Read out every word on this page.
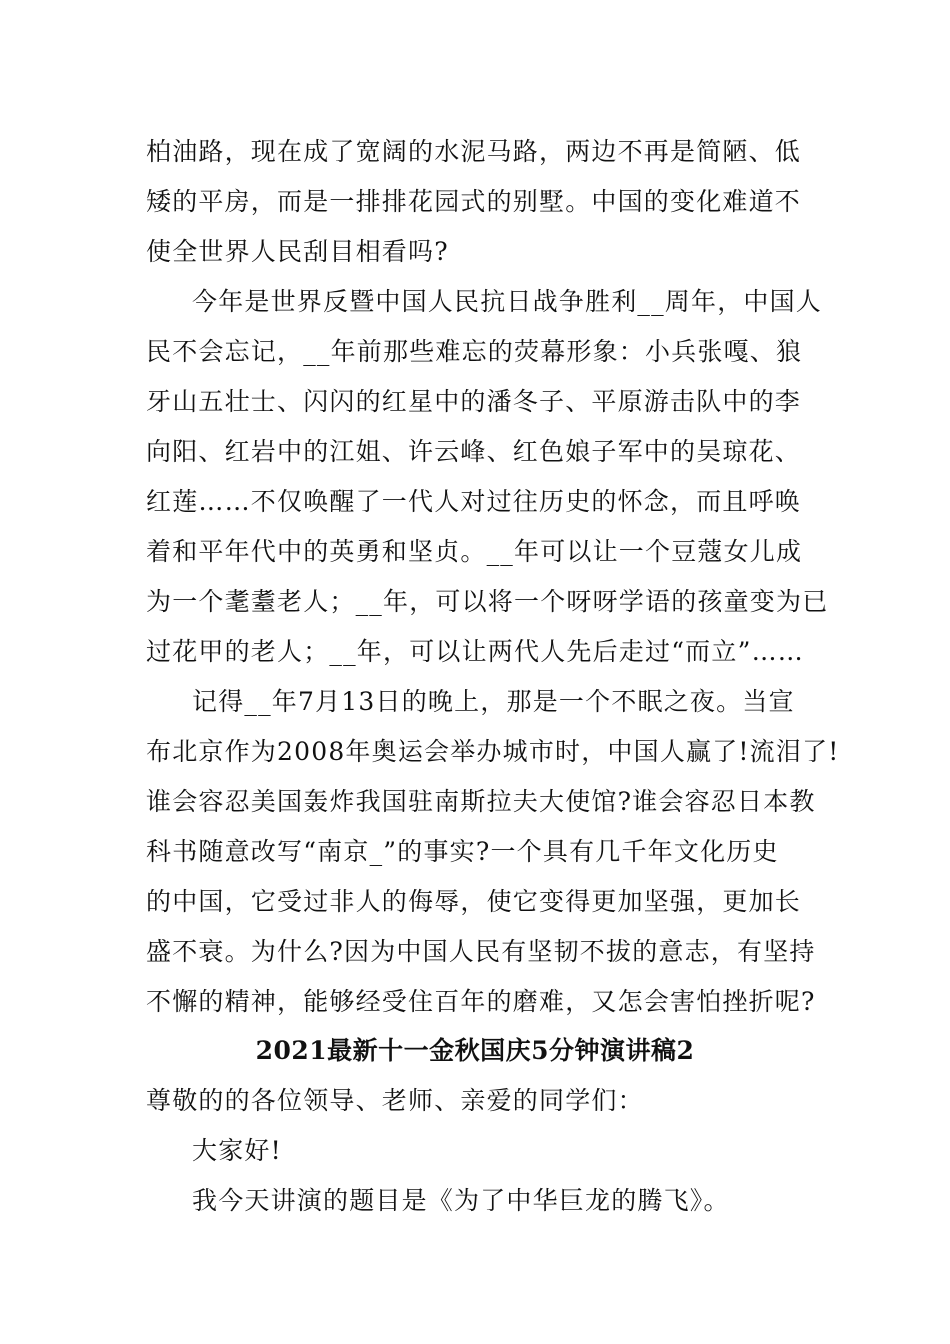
柏油路，现在成了宽阔的水泥马路，两边不再是简陋、低
矮的平房，而是一排排花园式的别墅。中国的变化难道不
使全世界人民刮目相看吗?
今年是世界反暨中国人民抗日战争胜利__周年，中国人
民不会忘记，__年前那些难忘的荧幕形象：小兵张嘎、狼
牙山五壮士、闪闪的红星中的潘冬子、平原游击队中的李
向阳、红岩中的江姐、许云峰、红色娘子军中的吴琼花、
红莲……不仅唤醒了一代人对过往历史的怀念，而且呼唤
着和平年代中的英勇和坚贞。__年可以让一个豆蔻女儿成
为一个耄耋老人；__年，可以将一个呀呀学语的孩童变为已
过花甲的老人；__年，可以让两代人先后走过“而立”……
记得__年7月13日的晚上，那是一个不眠之夜。当宣
布北京作为2008年奥运会举办城市时，中国人赢了!流泪了!
谁会容忍美国轰炸我国驻南斯拉夫大使馆?谁会容忍日本教
科书随意改写“南京_”的事实?一个具有几千年文化历史
的中国，它受过非人的侮辱，使它变得更加坚强，更加长
盛不衰。为什么?因为中国人民有坚韧不拔的意志，有坚持
不懈的精神，能够经受住百年的磨难，又怎会害怕挫折呢?
2021最新十一金秋国庆5分钟演讲稿2
尊敬的的各位领导、老师、亲爱的同学们：
大家好!
我今天讲演的题目是《为了中华巨龙的腾飞》。
